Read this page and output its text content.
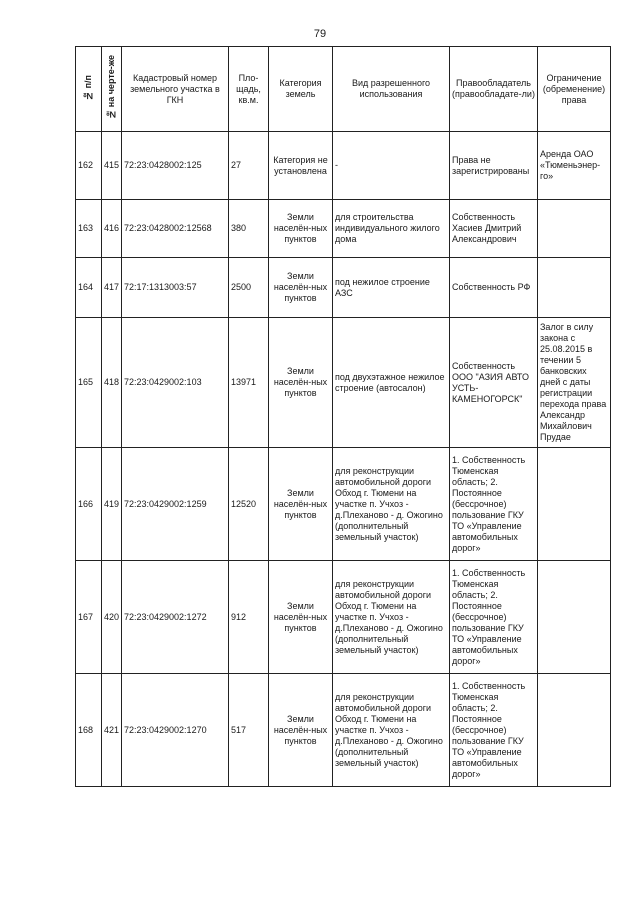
79
№ п/п	№ на черте-же	Кадастровый номер земельного участка в ГКН	Пло-щадь, кв.м.	Категория земель	Вид разрешенного использования	Правообладатель (правообладате-ли)	Ограничение (обременение) права
162	415	72:23:0428002:125	27	Категория не установлена	-	Права не зарегистрированы	Аренда ОАО «Тюменьэнер-го»
163	416	72:23:0428002:12568	380	Земли населён-ных пунктов	для строительства индивидуального жилого дома	Собственность Хасиев Дмитрий Александрович	
164	417	72:17:1313003:57	2500	Земли населён-ных пунктов	под нежилое строение АЗС	Собственность РФ	
165	418	72:23:0429002:103	13971	Земли населён-ных пунктов	под двухэтажное нежилое строение (автосалон)	Собственность ООО "АЗИЯ АВТО УСТЬ-КАМЕНОГОРСК"	Залог в силу закона с 25.08.2015 в течении 5 банковских дней с даты регистрации перехода права Александр Михайлович Прудае
166	419	72:23:0429002:1259	12520	Земли населён-ных пунктов	для реконструкции автомобильной дороги Обход г. Тюмени на участке п. Учхоз - д.Плеханово - д. Ожогино (дополнительный земельный участок)	1. Собственность Тюменская область; 2. Постоянное (бессрочное) пользование ГКУ ТО «Управление автомобильных дорог»	
167	420	72:23:0429002:1272	912	Земли населён-ных пунктов	для реконструкции автомобильной дороги Обход г. Тюмени на участке п. Учхоз - д.Плеханово - д. Ожогино (дополнительный земельный участок)	1. Собственность Тюменская область; 2. Постоянное (бессрочное) пользование ГКУ ТО «Управление автомобильных дорог»	
168	421	72:23:0429002:1270	517	Земли населён-ных пунктов	для реконструкции автомобильной дороги Обход г. Тюмени на участке п. Учхоз - д.Плеханово - д. Ожогино (дополнительный земельный участок)	1. Собственность Тюменская область; 2. Постоянное (бессрочное) пользование ГКУ ТО «Управление автомобильных дорог»	
